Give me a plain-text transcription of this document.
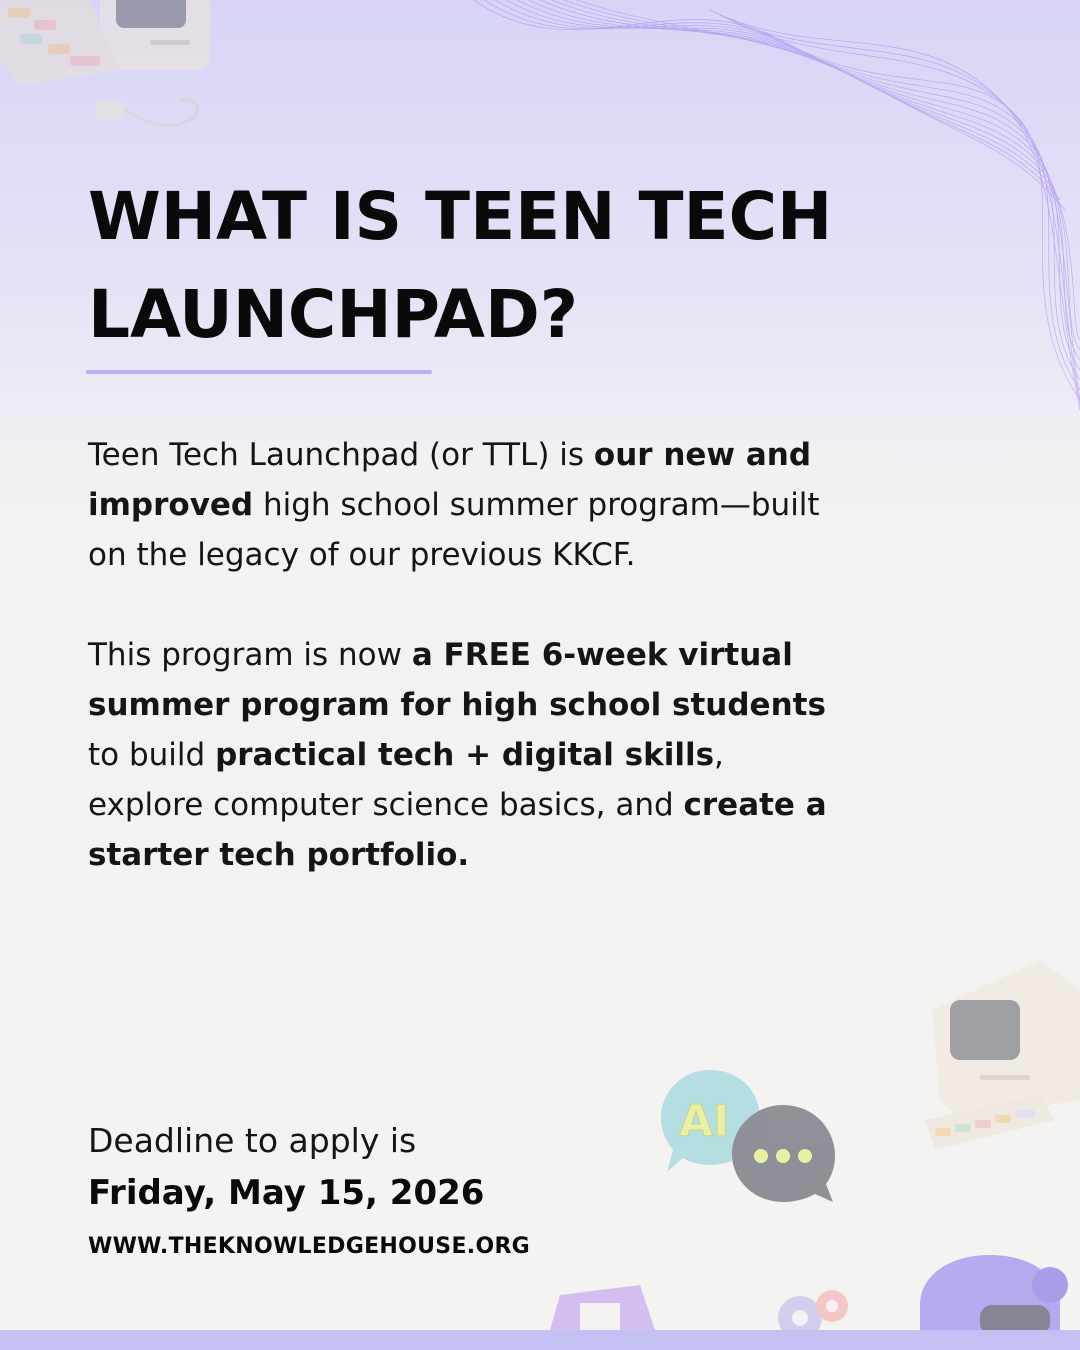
WHAT IS TEEN TECH
LAUNCHPAD?

Teen Tech Launchpad (or TTL) is our new and improved high school summer program—built on the legacy of our previous KKCF.

This program is now a FREE 6-week virtual summer program for high school students to build practical tech + digital skills, explore computer science basics, and create a starter tech portfolio.

Deadline to apply is
Friday, May 15, 2026
WWW.THEKNOWLEDGEHOUSE.ORG
AI
